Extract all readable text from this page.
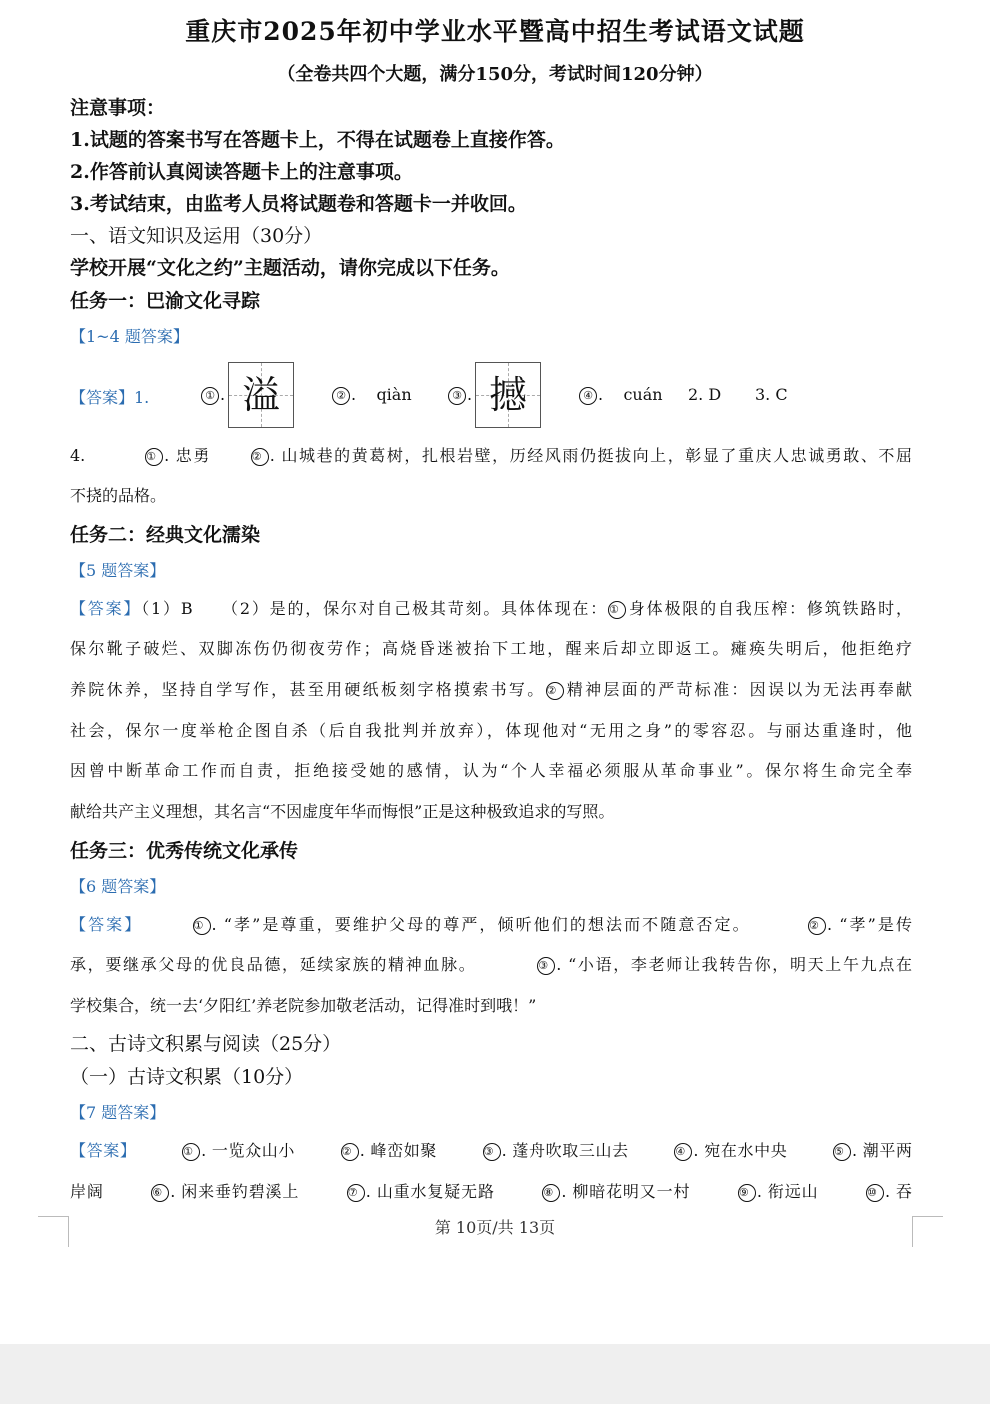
重庆市2025年初中学业水平暨高中招生考试语文试题
（全卷共四个大题，满分150分，考试时间120分钟）
注意事项：
1.试题的答案书写在答题卡上，不得在试题卷上直接作答。
2.作答前认真阅读答题卡上的注意事项。
3.考试结束，由监考人员将试题卷和答题卡一并收回。
一、语文知识及运用（30分）
学校开展“文化之约”主题活动，请你完成以下任务。
任务一：巴渝文化寻踪
【1~4 题答案】
【答案】1.	① . 溢	② .    qiàn	③ . 撼	④ .    cuán 2. D 3. C
4.	① . 忠勇	② . 山城巷的黄葛树，扎根岩壁，历经风雨仍挺拔向上，彰显了重庆人忠诚勇敢、不屈
不挠的品格。
任务二：经典文化濡染
【5 题答案】
【答案】（1）B　　（2）是的，保尔对自己极其苛刻。具体体现在：① 身体极限的自我压榨：修筑铁路时，
保尔靴子破烂、双脚冻伤仍彻夜劳作；高烧昏迷被抬下工地，醒来后却立即返工。瘫痪失明后，他拒绝疗
养院休养，坚持自学写作，甚至用硬纸板刻字格摸索书写。② 精神层面的严苛标准：因误以为无法再奉献
社会，保尔一度举枪企图自杀（后自我批判并放弃），体现他对“无用之身”的零容忍。与丽达重逢时，他
因曾中断革命工作而自责，拒绝接受她的感情，认为“个人幸福必须服从革命事业”。保尔将生命完全奉
献给共产主义理想，其名言“不因虚度年华而悔恨”正是这种极致追求的写照。
任务三：优秀传统文化承传
【6 题答案】
【答案】	① . “孝”是尊重，要维护父母的尊严，倾听他们的想法而不随意否定。	② . “孝”是传
承，要继承父母的优良品德，延续家族的精神血脉。	③ . “小语，李老师让我转告你，明天上午九点在
学校集合，统一去‘夕阳红’养老院参加敬老活动，记得准时到哦！”
二、古诗文积累与阅读（25分）
（一）古诗文积累（10分）
【7 题答案】
【答案】	① . 一览众山小	② . 峰峦如聚	③ . 蓬舟吹取三山去	④ . 宛在水中央	⑤ . 潮平两
岸阔	⑥ . 闲来垂钓碧溪上	⑦ . 山重水复疑无路	⑧ . 柳暗花明又一村	⑨ . 衔远山	⑩ . 吞
第 10页/共 13页
